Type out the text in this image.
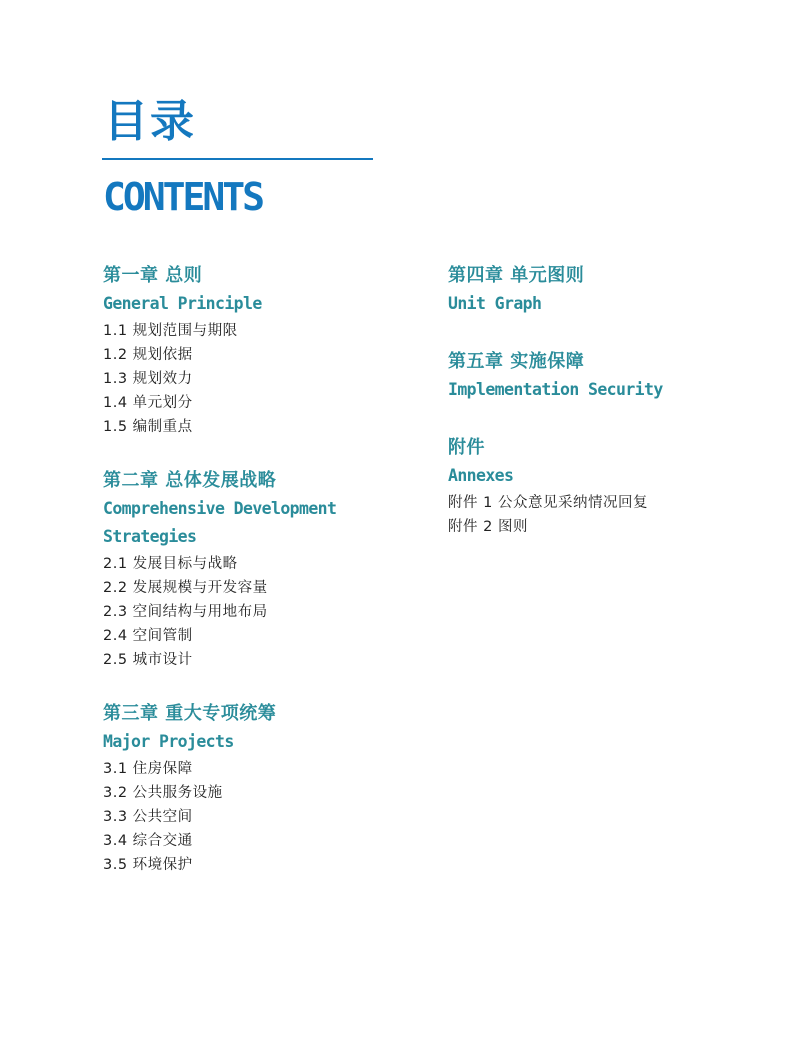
目录
CONTENTS
第一章 总则
General Principle
1.1 规划范围与期限
1.2 规划依据
1.3 规划效力
1.4 单元划分
1.5 编制重点
第二章 总体发展战略
Comprehensive Development
Strategies
2.1 发展目标与战略
2.2 发展规模与开发容量
2.3 空间结构与用地布局
2.4 空间管制
2.5 城市设计
第三章 重大专项统筹
Major Projects
3.1 住房保障
3.2 公共服务设施
3.3 公共空间
3.4 综合交通
3.5 环境保护
第四章 单元图则
Unit Graph
第五章 实施保障
Implementation Security
附件
Annexes
附件 1 公众意见采纳情况回复
附件 2 图则
